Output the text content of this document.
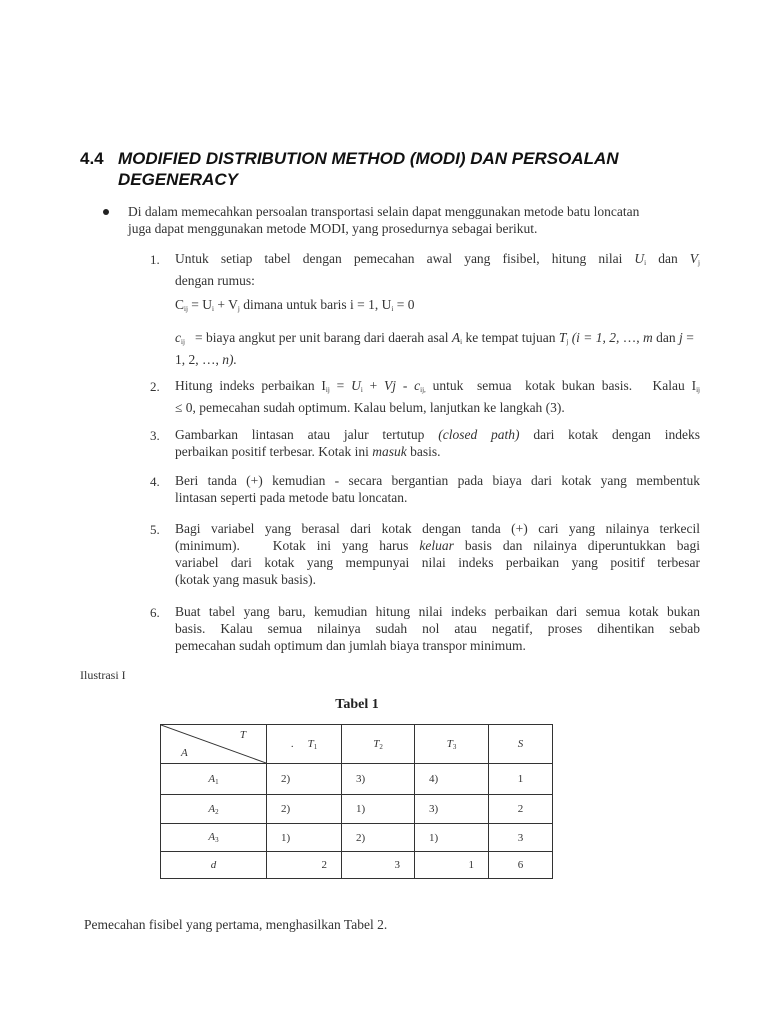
4.4 MODIFIED DISTRIBUTION METHOD (MODI) DAN PERSOALAN
DEGENERACY
Di dalam memecahkan persoalan transportasi selain dapat menggunakan metode batu loncatan
juga dapat menggunakan metode MODI, yang prosedurnya sebagai berikut.
1. Untuk setiap tabel dengan pemecahan awal yang fisibel, hitung nilai $U_i$ dan $V_j$
dengan rumus:
$C_{ij} = U_i + V_j$ dimana untuk baris i = 1, $U_i = 0$
$c_{ij}$   = biaya angkut per unit barang dari daerah asal $A_i$ ke tempat tujuan $T_j$ (i = 1, 2, …, m dan j = 1, 2, …, n).
2. Hitung indeks perbaikan $I_{ij} = U_i + Vj - c_{ij,}$ untuk  semua  kotak bukan basis.   Kalau $I_{ij}$
≤ 0, pemecahan sudah optimum. Kalau belum, lanjutkan ke langkah (3).
3. Gambarkan lintasan atau jalur tertutup (closed path) dari kotak dengan indeks
perbaikan positif terbesar. Kotak ini masuk basis.
4. Beri tanda (+) kemudian - secara bergantian pada biaya dari kotak yang membentuk
lintasan seperti pada metode batu loncatan.
5. Bagi variabel yang berasal dari kotak dengan tanda (+) cari yang nilainya terkecil
(minimum).   Kotak ini yang harus keluar basis dan nilainya diperuntukkan bagi
variabel dari kotak yang mempunyai nilai indeks perbaikan yang positif terbesar
(kotak yang masuk basis).
6. Buat tabel yang baru, kemudian hitung nilai indeks perbaikan dari semua kotak bukan
basis. Kalau semua nilainya sudah nol atau negatif, proses dihentikan sebab
pemecahan sudah optimum dan jumlah biaya transpor minimum.
Ilustrasi I
Tabel 1
T
A	. $T_1$	$T_2$	$T_3$	S
$A_1$	2)	3)	4)	1
$A_2$	2)	1)	3)	2
$A_3$	1)	2)	1)	3
d	2	3	1	6
Pemecahan fisibel yang pertama, menghasilkan Tabel 2.
